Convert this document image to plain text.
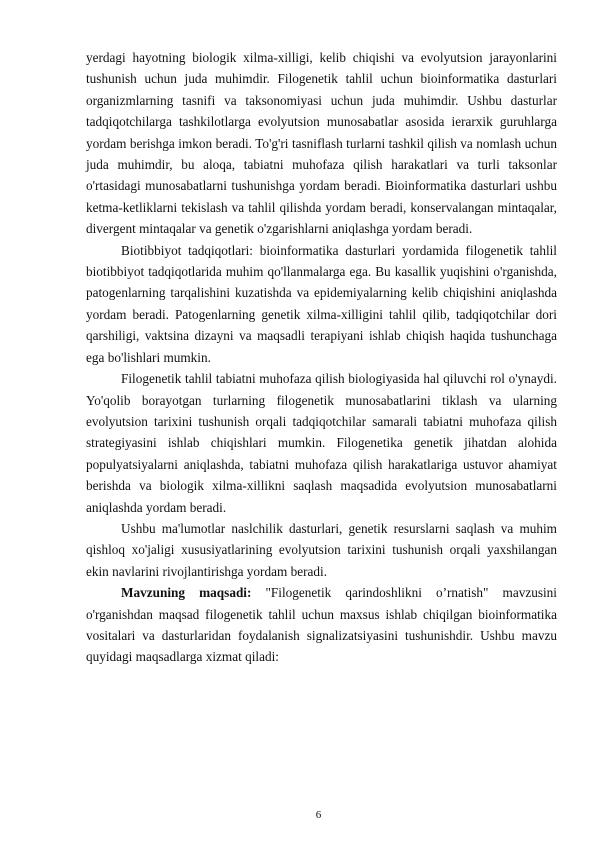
yerdagi hayotning biologik xilma-xilligi, kelib chiqishi va evolyutsion jarayonlarini tushunish uchun juda muhimdir. Filogenetik tahlil uchun bioinformatika dasturlari organizmlarning tasnifi va taksonomiyasi uchun juda muhimdir. Ushbu dasturlar tadqiqotchilarga tashkilotlarga evolyutsion munosabatlar asosida ierarxik guruhlarga yordam berishga imkon beradi. To'g'ri tasniflash turlarni tashkil qilish va nomlash uchun juda muhimdir, bu aloqa, tabiatni muhofaza qilish harakatlari va turli taksonlar o'rtasidagi munosabatlarni tushunishga yordam beradi. Bioinformatika dasturlari ushbu ketma-ketliklarni tekislash va tahlil qilishda yordam beradi, konservalangan mintaqalar, divergent mintaqalar va genetik o'zgarishlarni aniqlashga yordam beradi.

Biotibbiyot tadqiqotlari: bioinformatika dasturlari yordamida filogenetik tahlil biotibbiyot tadqiqotlarida muhim qo'llanmalarga ega. Bu kasallik yuqishini o'rganishda, patogenlarning tarqalishini kuzatishda va epidemiyalarning kelib chiqishini aniqlashda yordam beradi. Patogenlarning genetik xilma-xilligini tahlil qilib, tadqiqotchilar dori qarshiligi, vaktsina dizayni va maqsadli terapiyani ishlab chiqish haqida tushunchaga ega bo'lishlari mumkin.

Filogenetik tahlil tabiatni muhofaza qilish biologiyasida hal qiluvchi rol o'ynaydi. Yo'qolib borayotgan turlarning filogenetik munosabatlarini tiklash va ularning evolyutsion tarixini tushunish orqali tadqiqotchilar samarali tabiatni muhofaza qilish strategiyasini ishlab chiqishlari mumkin. Filogenetika genetik jihatdan alohida populyatsiyalarni aniqlashda, tabiatni muhofaza qilish harakatlariga ustuvor ahamiyat berishda va biologik xilma-xillikni saqlash maqsadida evolyutsion munosabatlarni aniqlashda yordam beradi.

Ushbu ma'lumotlar naslchilik dasturlari, genetik resurslarni saqlash va muhim qishloq xo'jaligi xususiyatlarining evolyutsion tarixini tushunish orqali yaxshilangan ekin navlarini rivojlantirishga yordam beradi.

Mavzuning maqsadi: "Filogenetik qarindoshlikni o’rnatish" mavzusini o'rganishdan maqsad filogenetik tahlil uchun maxsus ishlab chiqilgan bioinformatika vositalari va dasturlaridan foydalanish signalizatsiyasini tushunishdir. Ushbu mavzu quyidagi maqsadlarga xizmat qiladi:

6
